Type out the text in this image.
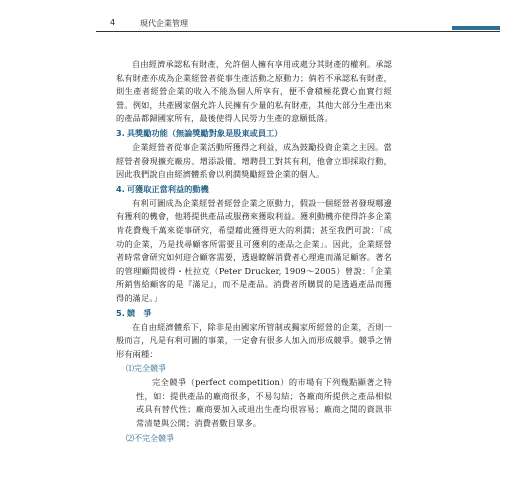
4	現代企業管理

自由經濟承認私有財產，允許個人擁有享用或處分其財產的權利。承認私有財產亦成為企業經營者從事生產活動之原動力；倘若不承認私有財產，則生產者經營企業的收入不能為個人所享有，便不會積極花費心血實行經營。例如，共產國家個允許人民擁有少量的私有財產，其他大部分生產出來的產品都歸國家所有，最後使得人民勞力生產的意願低落。

3. 具獎勵功能（無論獎勵對象是股東或員工）

企業經營者從事企業活動所獲得之利益，成為鼓勵投資企業之主因。當經營者發現擴充廠房、增添設備、增聘員工對其有利，他會立即採取行動，因此我們說自由經濟體系會以利潤獎勵經營企業的個人。

4. 可獲取正當利益的動機

有利可圖成為企業經營者經營企業之原動力，假設一個經營者發現哪邊有獲利的機會，他將提供產品或服務來獲取利益。獲利動機亦使得許多企業肯花費幾千萬來從事研究，希望藉此獲得更大的利潤；甚至我們可說：「成功的企業，乃是找尋顧客所需要且可獲利的產品之企業」。因此，企業經營者時常會研究如何迎合顧客需要，透過瞭解消費者心理進而滿足顧客。著名的管理顧問彼得・杜拉克（Peter Drucker, 1909～2005）曾說：「企業所銷售給顧客的是『滿足』，而不是產品。消費者所購買的是透過產品而獲得的滿足。」

5. 競　爭

在自由經濟體系下，除非是由國家所管制或獨家所經營的企業，否則一般而言，凡是有利可圖的事業，一定會有很多人加入而形成競爭。競爭之情形有兩種：

⑴完全競爭

完全競爭（perfect competition）的市場有下列幾點顯著之特性，如：提供產品的廠商很多，不易勾結；各廠商所提供之產品相似或具有替代性；廠商要加入或退出生產均很容易；廠商之間的資訊非常清楚與公開；消費者數目眾多。

⑵不完全競爭
